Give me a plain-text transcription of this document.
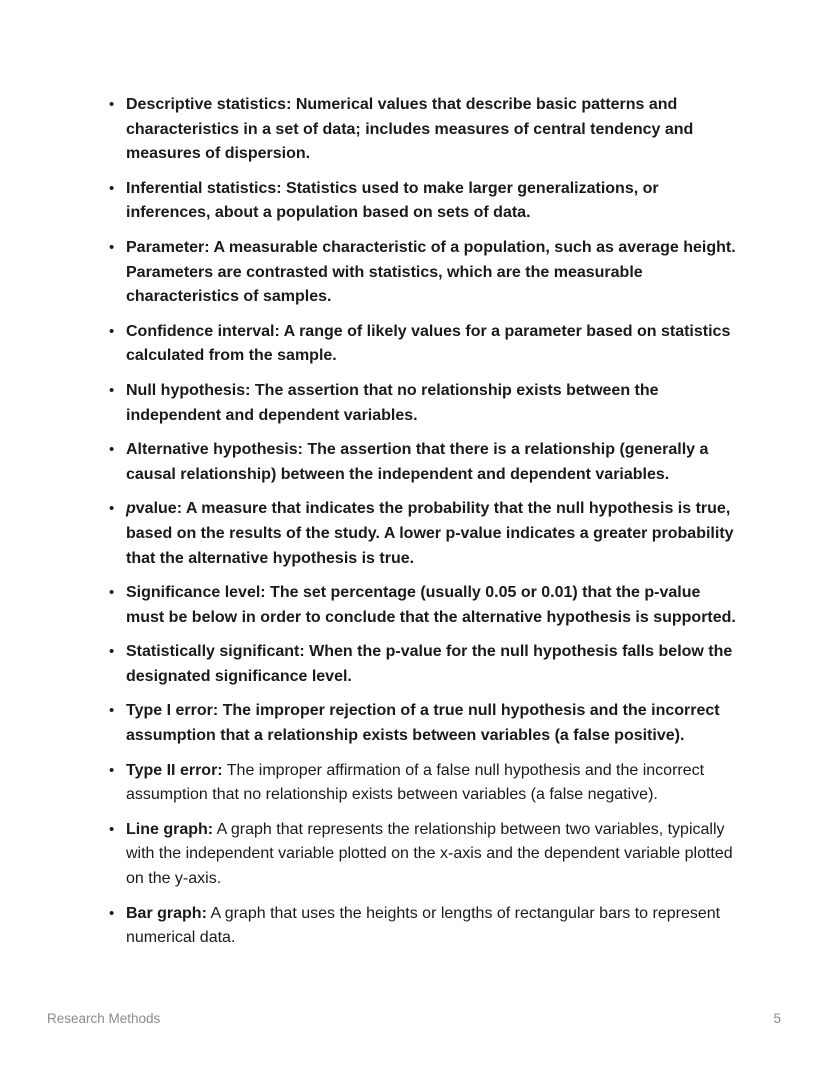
• Descriptive statistics: Numerical values that describe basic patterns and characteristics in a set of data; includes measures of central tendency and measures of dispersion.
• Inferential statistics: Statistics used to make larger generalizations, or inferences, about a population based on sets of data.
• Parameter: A measurable characteristic of a population, such as average height. Parameters are contrasted with statistics, which are the measurable characteristics of samples.
• Confidence interval: A range of likely values for a parameter based on statistics calculated from the sample.
• Null hypothesis: The assertion that no relationship exists between the independent and dependent variables.
• Alternative hypothesis: The assertion that there is a relationship (generally a causal relationship) between the independent and dependent variables.
• pvalue: A measure that indicates the probability that the null hypothesis is true, based on the results of the study. A lower p-value indicates a greater probability that the alternative hypothesis is true.
• Significance level: The set percentage (usually 0.05 or 0.01) that the p-value must be below in order to conclude that the alternative hypothesis is supported.
• Statistically significant: When the p-value for the null hypothesis falls below the designated significance level.
• Type I error: The improper rejection of a true null hypothesis and the incorrect assumption that a relationship exists between variables (a false positive).
• Type II error: The improper affirmation of a false null hypothesis and the incorrect assumption that no relationship exists between variables (a false negative).
• Line graph: A graph that represents the relationship between two variables, typically with the independent variable plotted on the x-axis and the dependent variable plotted on the y-axis.
• Bar graph: A graph that uses the heights or lengths of rectangular bars to represent numerical data.
Research Methods	5
